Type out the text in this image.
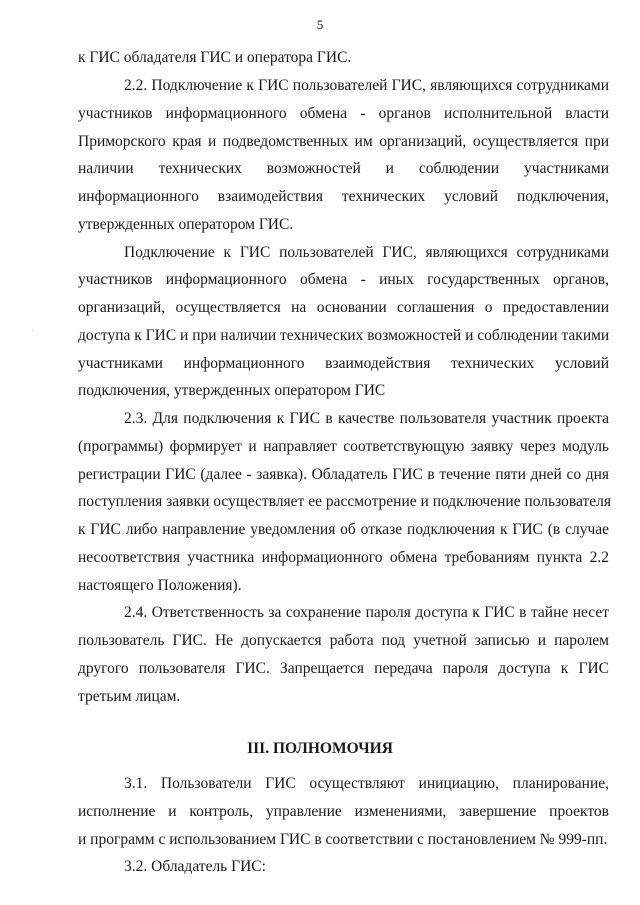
5
к ГИС обладателя ГИС и оператора ГИС.
2.2. Подключение к ГИС пользователей ГИС, являющихся сотрудниками
участников информационного обмена - органов исполнительной власти
Приморского края и подведомственных им организаций, осуществляется при
наличии технических возможностей и соблюдении участниками
информационного взаимодействия технических условий подключения,
утвержденных оператором ГИС.
Подключение к ГИС пользователей ГИС, являющихся сотрудниками
участников информационного обмена - иных государственных органов,
организаций, осуществляется на основании соглашения о предоставлении
доступа к ГИС и при наличии технических возможностей и соблюдении такими
участниками информационного взаимодействия технических условий
подключения, утвержденных оператором ГИС
2.3. Для подключения к ГИС в качестве пользователя участник проекта
(программы) формирует и направляет соответствующую заявку через модуль
регистрации ГИС (далее - заявка). Обладатель ГИС в течение пяти дней со дня
поступления заявки осуществляет ее рассмотрение и подключение пользователя
к ГИС либо направление уведомления об отказе подключения к ГИС (в случае
несоответствия участника информационного обмена требованиям пункта 2.2
настоящего Положения).
2.4. Ответственность за сохранение пароля доступа к ГИС в тайне несет
пользователь ГИС. Не допускается работа под учетной записью и паролем
другого пользователя ГИС. Запрещается передача пароля доступа к ГИС
третьим лицам.
III. ПОЛНОМОЧИЯ
3.1. Пользователи ГИС осуществляют инициацию, планирование,
исполнение и контроль, управление изменениями, завершение проектов
и программ с использованием ГИС в соответствии с постановлением № 999-пп.
3.2. Обладатель ГИС:
